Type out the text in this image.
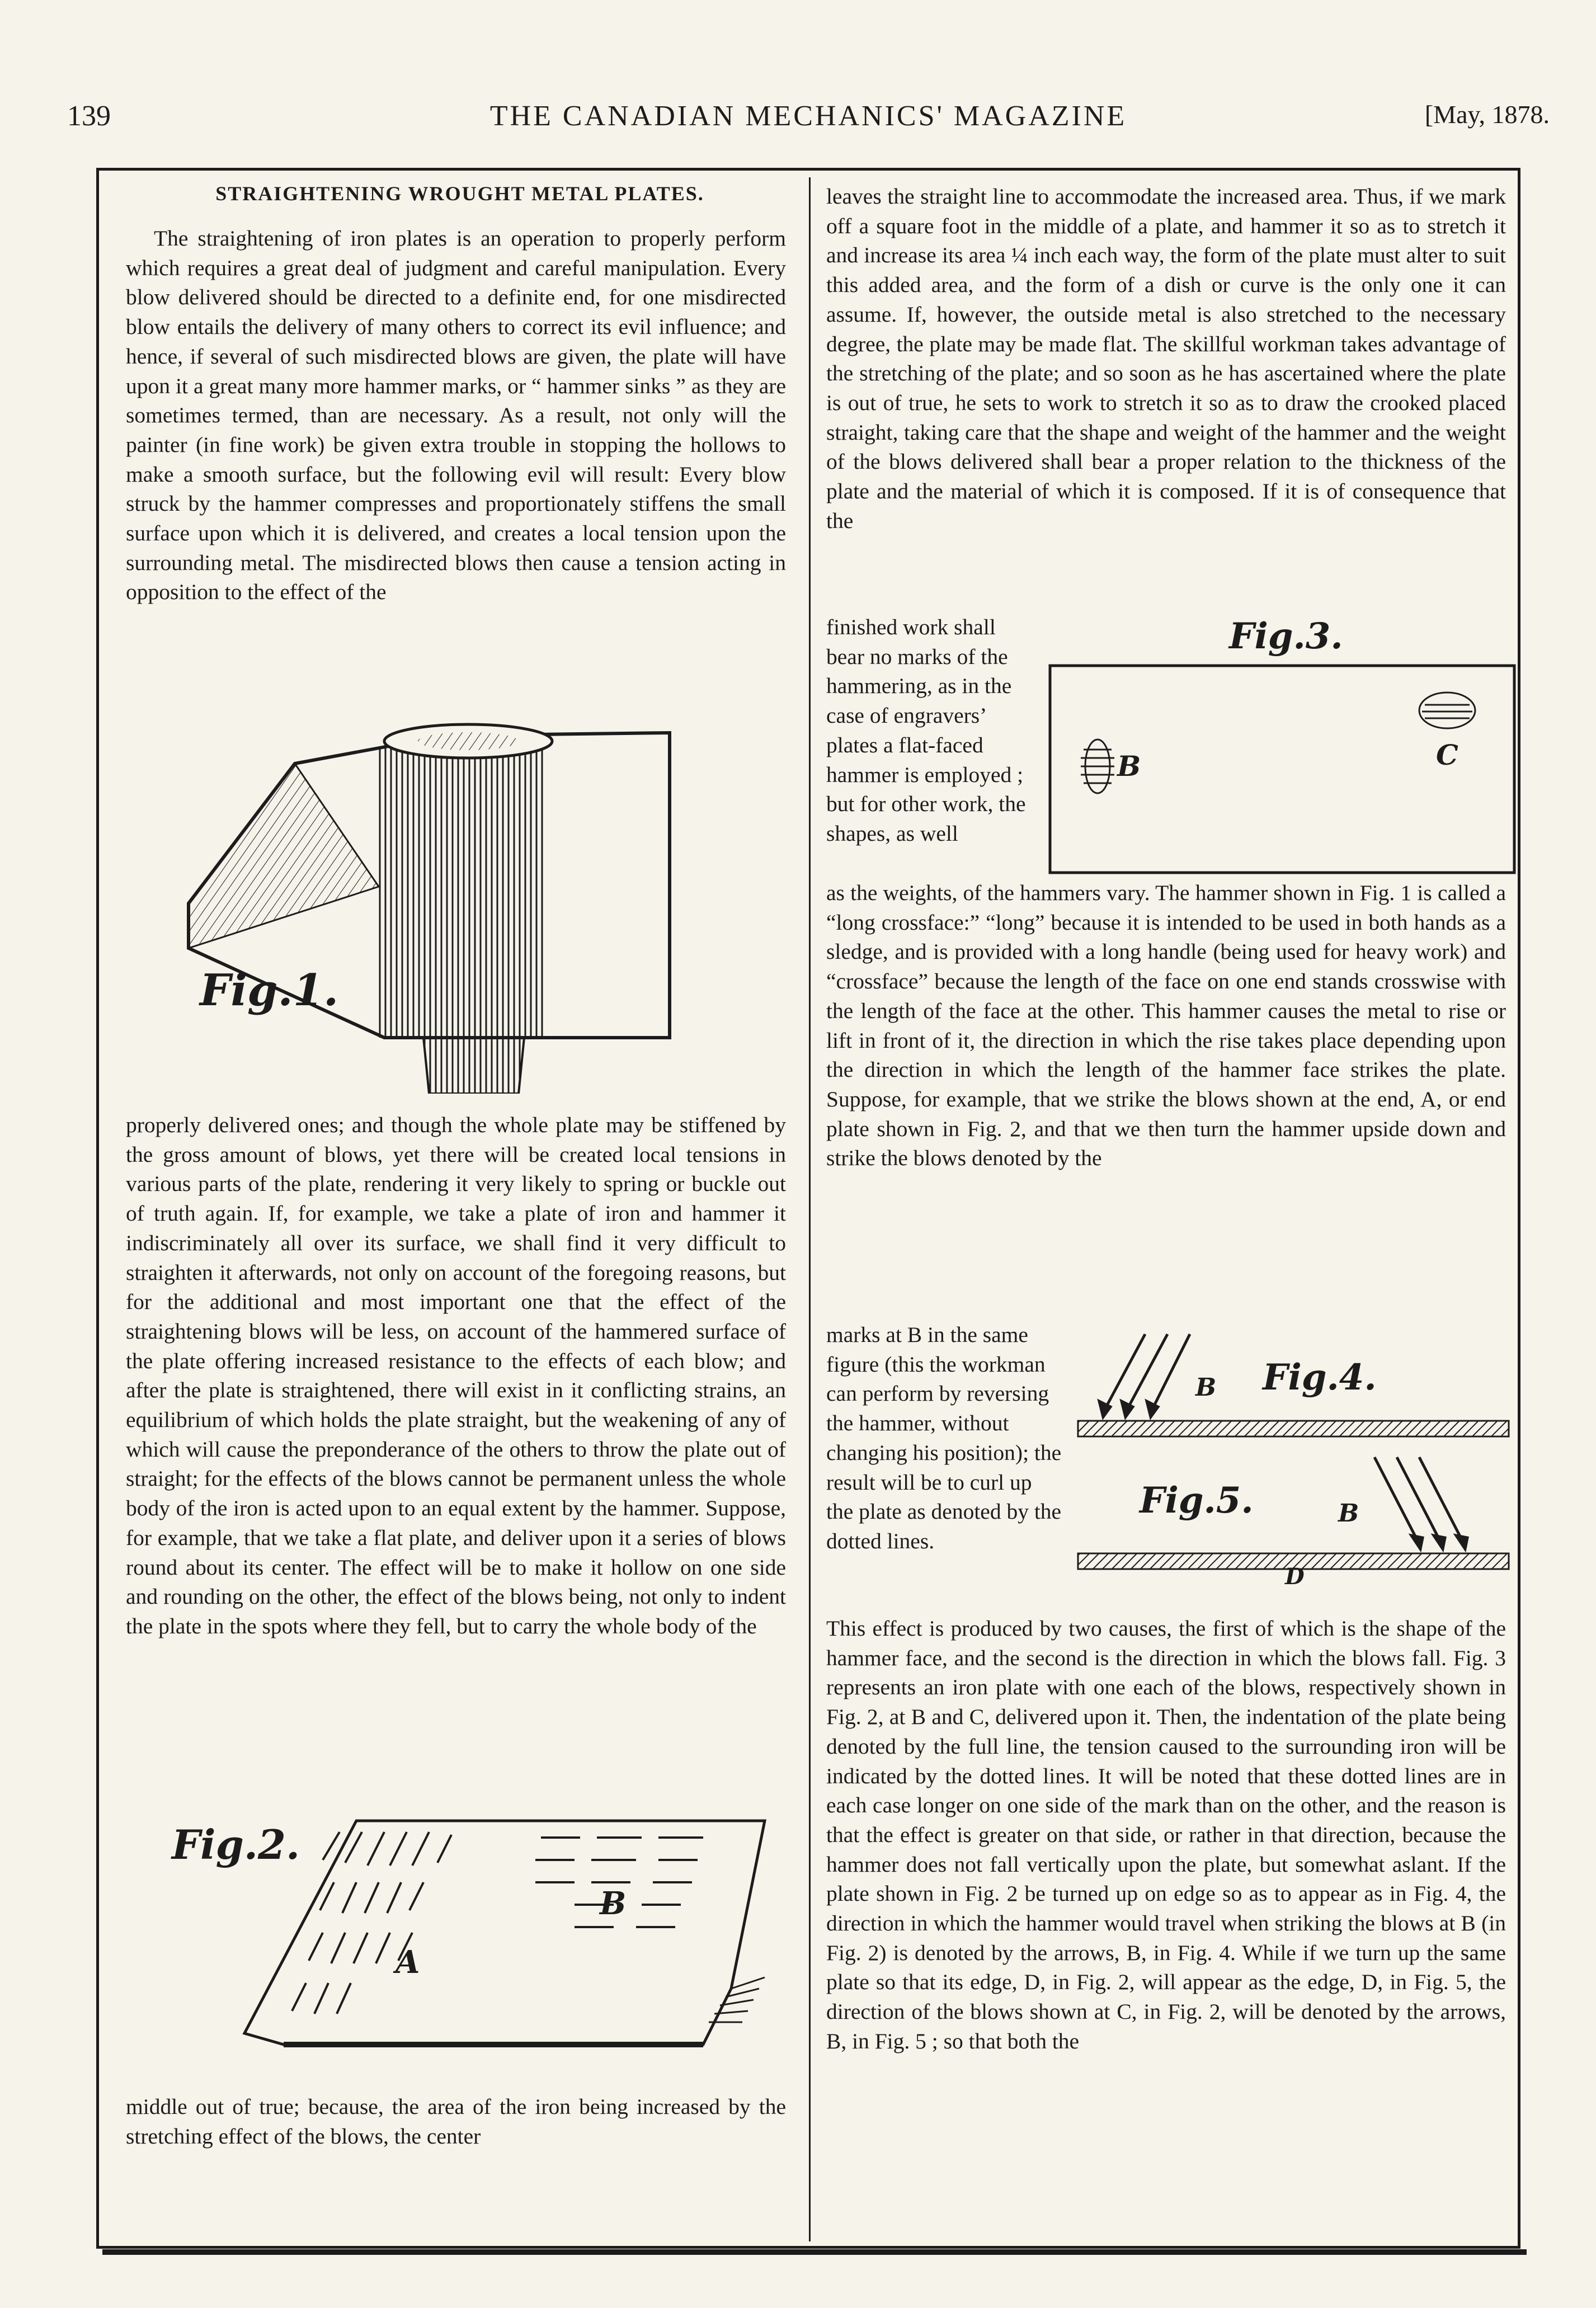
139	THE CANADIAN MECHANICS' MAGAZINE	[May, 1878.
STRAIGHTENING WROUGHT METAL PLATES.

The straightening of iron plates is an operation to properly perform which requires a great deal of judgment and careful manipulation. Every blow delivered should be directed to a definite end, for one misdirected blow entails the delivery of many others to correct its evil influence; and hence, if several of such misdirected blows are given, the plate will have upon it a great many more hammer marks, or “ hammer sinks ” as they are sometimes termed, than are necessary. As a result, not only will the painter (in fine work) be given extra trouble in stopping the hollows to make a smooth surface, but the following evil will result: Every blow struck by the hammer compresses and proportionately stiffens the small surface upon which it is delivered, and creates a local tension upon the surrounding metal. The misdirected blows then cause a tension acting in opposition to the effect of the

Fig.1.

properly delivered ones; and though the whole plate may be stiffened by the gross amount of blows, yet there will be created local tensions in various parts of the plate, rendering it very likely to spring or buckle out of truth again. If, for example, we take a plate of iron and hammer it indiscriminately all over its surface, we shall find it very difficult to straighten it afterwards, not only on account of the foregoing reasons, but for the additional and most important one that the effect of the straightening blows will be less, on account of the hammered surface of the plate offering increased resistance to the effects of each blow; and after the plate is straightened, there will exist in it conflicting strains, an equilibrium of which holds the plate straight, but the weakening of any of which will cause the preponderance of the others to throw the plate out of straight; for the effects of the blows cannot be permanent unless the whole body of the iron is acted upon to an equal extent by the hammer. Suppose, for example, that we take a flat plate, and deliver upon it a series of blows round about its center. The effect will be to make it hollow on one side and rounding on the other, the effect of the blows being, not only to indent the plate in the spots where they fell, but to carry the whole body of the

Fig.2.
A
B

middle out of true; because, the area of the iron being increased by the stretching effect of the blows, the center

leaves the straight line to accommodate the increased area. Thus, if we mark off a square foot in the middle of a plate, and hammer it so as to stretch it and increase its area ¼ inch each way, the form of the plate must alter to suit this added area, and the form of a dish or curve is the only one it can assume. If, however, the outside metal is also stretched to the necessary degree, the plate may be made flat. The skillful workman takes advantage of the stretching of the plate; and so soon as he has ascertained where the plate is out of true, he sets to work to stretch it so as to draw the crooked placed straight, taking care that the shape and weight of the hammer and the weight of the blows delivered shall bear a proper relation to the thickness of the plate and the material of which it is composed. If it is of consequence that the

finished work shall bear no marks of the hammering, as in the case of engravers’ plates a flat-faced hammer is employed ; but for other work, the shapes, as well

Fig.3.
B	C

as the weights, of the hammers vary. The hammer shown in Fig. 1 is called a “long crossface:” “long” because it is intended to be used in both hands as a sledge, and is provided with a long handle (being used for heavy work) and “crossface” because the length of the face on one end stands crosswise with the length of the face at the other. This hammer causes the metal to rise or lift in front of it, the direction in which the rise takes place depending upon the direction in which the length of the hammer face strikes the plate. Suppose, for example, that we strike the blows shown at the end, A, or end plate shown in Fig. 2, and that we then turn the hammer upside down and strike the blows denoted by the

marks at B in the same figure (this the workman can perform by reversing the hammer, without changing his position); the result will be to curl up the plate as denoted by the dotted lines.

Fig.4.
B
Fig.5.	B
D

This effect is produced by two causes, the first of which is the shape of the hammer face, and the second is the direction in which the blows fall. Fig. 3 represents an iron plate with one each of the blows, respectively shown in Fig. 2, at B and C, delivered upon it. Then, the indentation of the plate being denoted by the full line, the tension caused to the surrounding iron will be indicated by the dotted lines. It will be noted that these dotted lines are in each case longer on one side of the mark than on the other, and the reason is that the effect is greater on that side, or rather in that direction, because the hammer does not fall vertically upon the plate, but somewhat aslant. If the plate shown in Fig. 2 be turned up on edge so as to appear as in Fig. 4, the direction in which the hammer would travel when striking the blows at B (in Fig. 2) is denoted by the arrows, B, in Fig. 4. While if we turn up the same plate so that its edge, D, in Fig. 2, will appear as the edge, D, in Fig. 5, the direction of the blows shown at C, in Fig. 2, will be denoted by the arrows, B, in Fig. 5 ; so that both the
